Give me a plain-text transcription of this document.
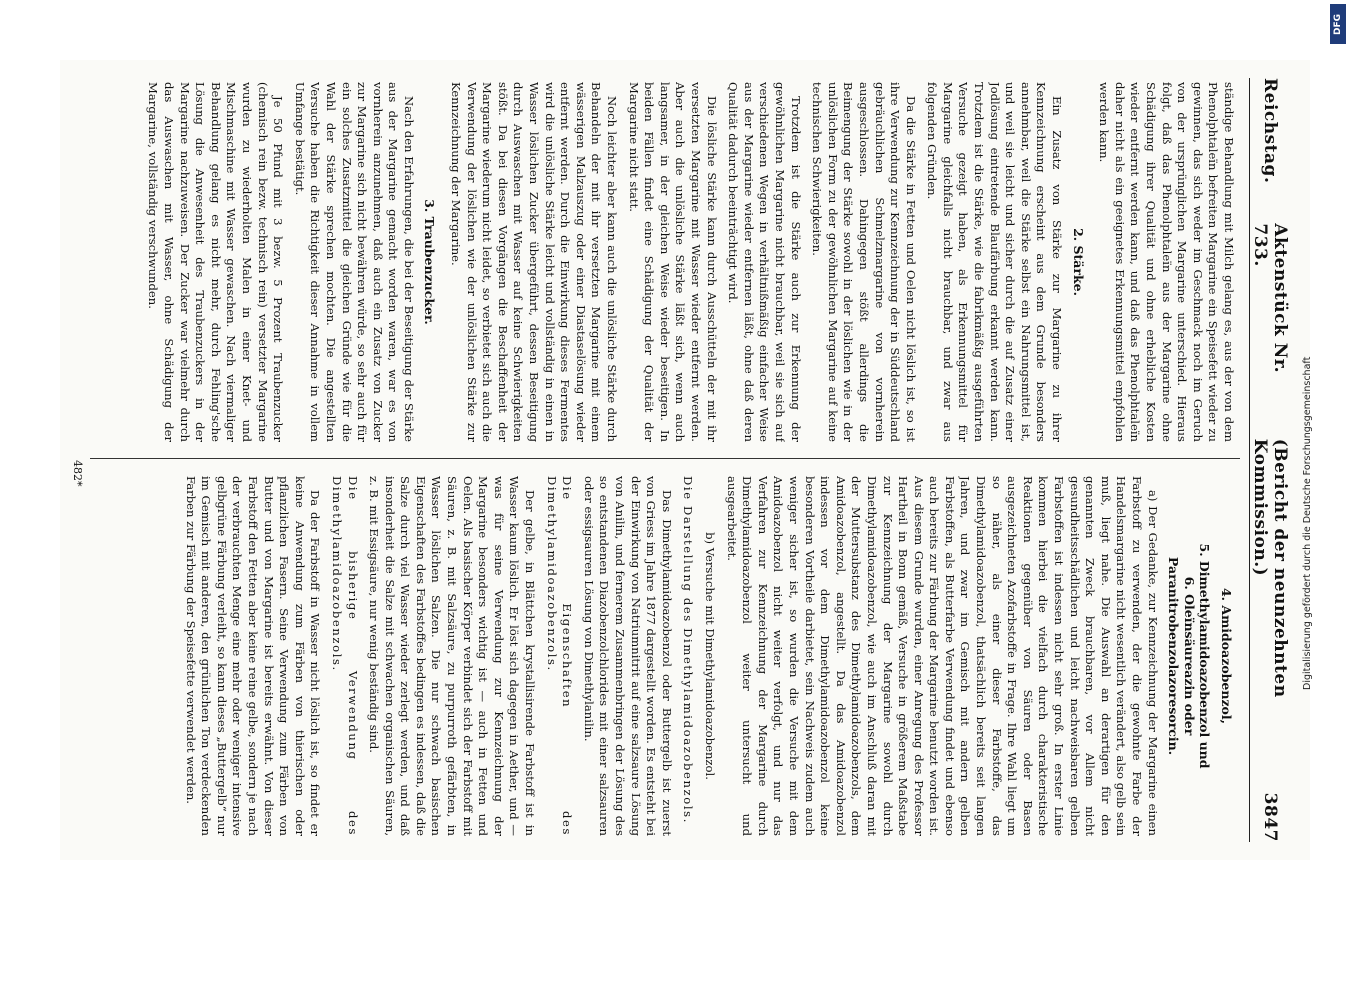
Reichstag.
Aktenstück Nr. 733.
(Bericht der neunzehnten Kommission.)
3847

ständige Behandlung mit Milch gelang es, aus der von dem Phenolphtaleïn befreiten Margarine ein Speisefett wieder zu gewinnen, das sich weder im Geschmack noch im Geruch von der ursprünglichen Margarine unterschied. Hieraus folgt, daß das Phenolphtaleïn aus der Margarine ohne Schädigung ihrer Qualität und ohne erhebliche Kosten wieder entfernt werden kann, und daß das Phenolphtaleïn daher nicht als ein geeignetes Erkennungsmittel empfohlen werden kann.

2. Stärke.

Ein Zusatz von Stärke zur Margarine zu ihrer Kennzeichnung erscheint aus dem Grunde besonders annehmbar, weil die Stärke selbst ein Nahrungsmittel ist, und weil sie leicht und sicher durch die auf Zusatz einer Jodlösung eintretende Blaufärbung erkannt werden kann. Trotzdem ist die Stärke, wie die fabrikmäßig ausgeführten Versuche gezeigt haben, als Erkennungsmittel für Margarine gleichfalls nicht brauchbar, und zwar aus folgenden Gründen.

Da die Stärke in Fetten und Oelen nicht löslich ist, so ist ihre Verwendung zur Kennzeichnung der in Süddeutschland gebräuchlichen Schmelzmargarine von vornherein ausgeschlossen. Dahingegen stößt allerdings die Beimengung der Stärke sowohl in der löslichen wie in der unlöslichen Form zu der gewöhnlichen Margarine auf keine technischen Schwierigkeiten.

Trotzdem ist die Stärke auch zur Erkennung der gewöhnlichen Margarine nicht brauchbar, weil sie sich auf verschiedenen Wegen in verhältnißmäßig einfacher Weise aus der Margarine wieder entfernen läßt, ohne daß deren Qualität dadurch beeinträchtigt wird.

Die lösliche Stärke kann durch Ausschütteln der mit ihr versetzten Margarine mit Wasser wieder entfernt werden. Aber auch die unlösliche Stärke läßt sich, wenn auch langsamer, in der gleichen Weise wieder beseitigen. In beiden Fällen findet eine Schädigung der Qualität der Margarine nicht statt.

Noch leichter aber kann auch die unlösliche Stärke durch Behandeln der mit ihr versetzten Margarine mit einem wässerigen Malzauszug oder einer Diastaselösung wieder entfernt werden. Durch die Einwirkung dieses Fermentes wird die unlösliche Stärke leicht und vollständig in einen in Wasser löslichen Zucker übergeführt, dessen Beseitigung durch Auswaschen mit Wasser auf keine Schwierigkeiten stößt. Da bei diesen Vorgängen die Beschaffenheit der Margarine wiederum nicht leidet, so verbietet sich auch die Verwendung der löslichen wie der unlöslichen Stärke zur Kennzeichnung der Margarine.

3. Traubenzucker.

Nach den Erfahrungen, die bei der Beseitigung der Stärke aus der Margarine gemacht worden waren, war es von vornherein anzunehmen, daß auch ein Zusatz von Zucker zur Margarine sich nicht bewähren würde, so sehr auch für ein solches Zusatzmittel die gleichen Gründe wie für die Wahl der Stärke sprechen mochten. Die angestellten Versuche haben die Richtigkeit dieser Annahme in vollem Umfange bestätigt.

Je 50 Pfund mit 3 bezw. 5 Prozent Traubenzucker (chemisch rein bezw. technisch rein) versetzter Margarine wurden zu wiederholten Malen in einer Knet- und Mischmaschine mit Wasser gewaschen. Nach viermaliger Behandlung gelang es nicht mehr, durch Fehling'sche Lösung die Anwesenheit des Traubenzuckers in der Margarine nachzuweisen. Der Zucker war vielmehr durch das Auswaschen mit Wasser, ohne Schädigung der Margarine, vollständig verschwunden.

4. Amidoazobenzol,
5. Dimethylamidoazobenzol und
6. Oleïnsäureazin oder Paranitrobenzolazoresorcin.

a) Der Gedanke, zur Kennzeichnung der Margarine einen Farbstoff zu verwenden, der die gewohnte Farbe der Handelsmargarine nicht wesentlich verändert, also gelb sein muß, liegt nahe. Die Auswahl an derartigen für den genannten Zweck brauchbaren, vor Allem nicht gesundheitsschädlichen und leicht nachweisbaren gelben Farbstoffen ist indessen nicht sehr groß. In erster Linie kommen hierbei die vielfach durch charakteristische Reaktionen gegenüber von Säuren oder Basen ausgezeichneten Azofarbstoffe in Frage. Ihre Wahl liegt um so näher, als einer dieser Farbstoffe, das Dimethylamidoazobenzol, thatsächlich bereits seit langen Jahren, und zwar im Gemisch mit andern gelben Farbstoffen, als Butterfarbe Verwendung findet und ebenso auch bereits zur Färbung der Margarine benutzt worden ist. Aus diesem Grunde wurden, einer Anregung des Professor Hartheil in Bonn gemäß, Versuche in größerem Maßstabe zur Kennzeichnung der Margarine sowohl durch Dimethylamidoazobenzol, wie auch im Anschluß daran mit der Muttersubstanz des Dimethylamidoazobenzols, dem Amidoazobenzol, angestellt. Da das Amidoazobenzol indessen vor dem Dimethylamidoazobenzol keine besonderen Vortheile darbietet, sein Nachweis zudem auch weniger sicher ist, so wurden die Versuche mit dem Amidoazobenzol nicht weiter verfolgt, und nur das Verfahren zur Kennzeichnung der Margarine durch Dimethylamidoazobenzol weiter untersucht und ausgearbeitet.

b) Versuche mit Dimethylamidoazobenzol.

Die Darstellung des Dimethylamidoazobenzols.

Das Dimethylamidoazobenzol oder Buttergelb ist zuerst von Griess im Jahre 1877 dargestellt worden. Es entsteht bei der Einwirkung von Natriumnitrit auf eine salzsaure Lösung von Anilin, und fernerem Zusammenbringen der Lösung des so entstandenen Diazobenzolchlorides mit einer salzsauren oder essigsauren Lösung von Dimethylanilin.

Die Eigenschaften des Dimethylamidoazobenzols.

Der gelbe, in Blättchen krystallisirende Farbstoff ist in Wasser kaum löslich. Er löst sich dagegen in Aether, und — was für seine Verwendung zur Kennzeichnung der Margarine besonders wichtig ist — auch in Fetten und Oelen. Als basischer Körper verbindet sich der Farbstoff mit Säuren, z. B. mit Salzsäure, zu purpurroth gefärbten, in Wasser löslichen Salzen. Die nur schwach basischen Eigenschaften des Farbstoffes bedingen es indessen, daß die Salze durch viel Wasser wieder zerlegt werden, und daß insonderheit die Salze mit schwachen organischen Säuren, z. B. mit Essigsäure, nur wenig beständig sind.

Die bisherige Verwendung des Dimethylamidoazobenzols.

Da der Farbstoff in Wasser nicht löslich ist, so findet er keine Anwendung zum Färben von thierischen oder pflanzlichen Fasern. Seine Verwendung zum Färben von Butter und von Margarine ist bereits erwähnt. Von dieser Farbstoff den Fetten aber keine reine gelbe, sondern je nach der verbrauchten Menge eine mehr oder weniger intensive gelbgrüne Färbung verleiht, so kann dieses „Buttergelb“ nur im Gemisch mit anderen, den grünlichen Ton verdeckenden Farben zur Färbung der Speisefette verwendet werden.

482*
DFG
Digitalisierung gefördert durch die Deutsche Forschungsgemeinschaft
